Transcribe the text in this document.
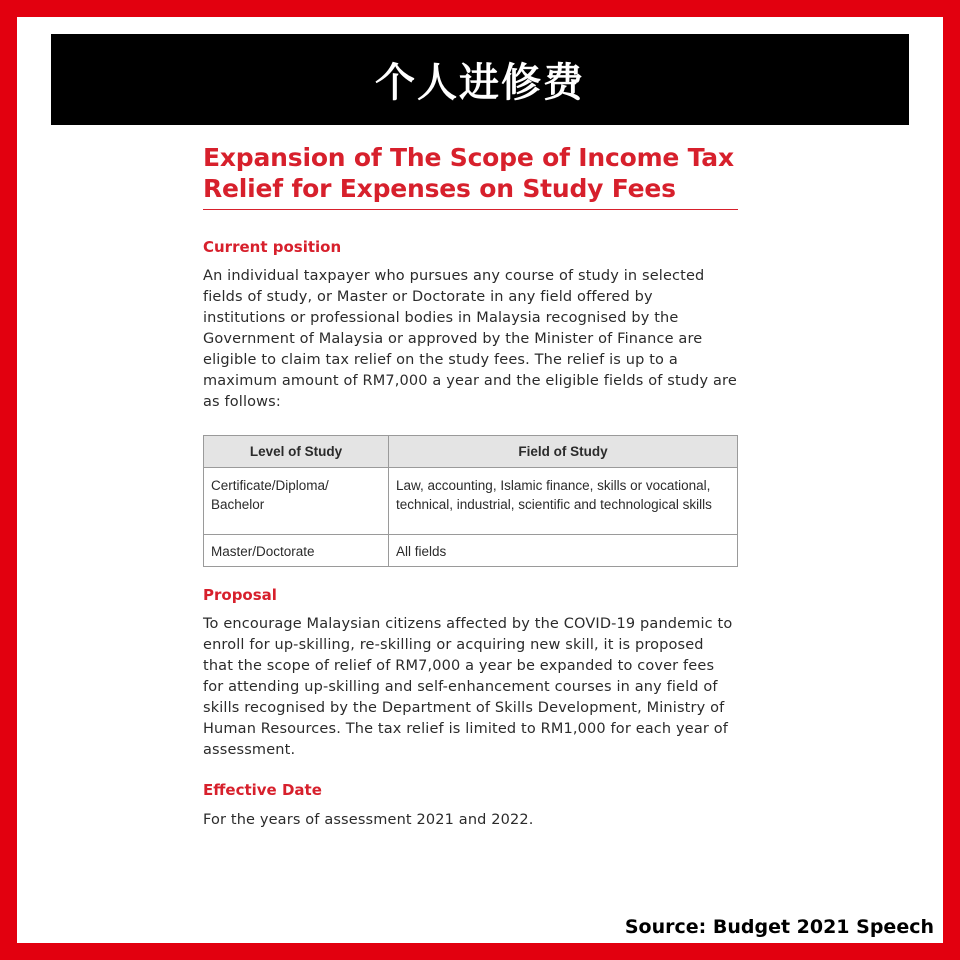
个人进修费
Expansion of The Scope of Income Tax Relief for Expenses on Study Fees
Current position

An individual taxpayer who pursues any course of study in selected fields of study, or Master or Doctorate in any field offered by institutions or professional bodies in Malaysia recognised by the Government of Malaysia or approved by the Minister of Finance are eligible to claim tax relief on the study fees. The relief is up to a maximum amount of RM7,000 a year and the eligible fields of study are as follows:

Level of Study	Field of Study
Certificate/Diploma/ Bachelor	Law, accounting, Islamic finance, skills or vocational, technical, industrial, scientific and technological skills
Master/Doctorate	All fields
Proposal

To encourage Malaysian citizens affected by the COVID-19 pandemic to enroll for up-skilling, re-skilling or acquiring new skill, it is proposed that the scope of relief of RM7,000 a year be expanded to cover fees for attending up-skilling and self-enhancement courses in any field of skills recognised by the Department of Skills Development, Ministry of Human Resources. The tax relief is limited to RM1,000 for each year of assessment.

Effective Date

For the years of assessment 2021 and 2022.

Source: Budget 2021 Speech
